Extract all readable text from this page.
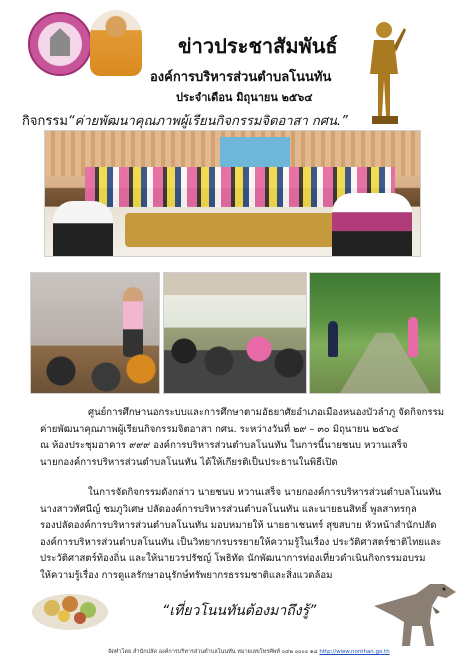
ข่าวประชาสัมพันธ์
องค์การบริหารส่วนตำบลโนนทัน
ประจำเดือน มิถุนายน ๒๕๖๔
กิจกรรม“ค่ายพัฒนาคุณภาพผู้เรียนกิจกรรมจิตอาสา กศน.”
ศูนย์การศึกษานอกระบบและการศึกษาตามอัธยาศัยอำเภอเมืองหนองบัวลำภู จัดกิจกรรม
ค่ายพัฒนาคุณภาพผู้เรียนกิจกรรมจิตอาสา กศน. ระหว่างวันที่ ๒๙ – ๓๐ มิถุนายน ๒๕๖๔
ณ ห้องประชุมอาคาร ๙๙๙ องค์การบริหารส่วนตำบลโนนทัน ในการนี้นายชนบ หวานเสร็จ
นายกองค์การบริหารส่วนตำบลโนนทัน ได้ให้เกียรติเป็นประธานในพิธีเปิด
ในการจัดกิจกรรมดังกล่าว นายชนบ หวานเสร็จ นายกองค์การบริหารส่วนตำบลโนนทัน
นางสาวทัศนีญ์ ชมภูวิเศษ ปลัดองค์การบริหารส่วนตำบลโนนทัน และนายธนสิทธิ์ พูลสาทรกุล
รองปลัดองค์การบริหารส่วนตำบลโนนทัน มอบหมายให้ นายธาเชนทร์ สุขสบาย หัวหน้าสำนักปลัด
องค์การบริหารส่วนตำบลโนนทัน เป็นวิทยากรบรรยายให้ความรู้ในเรื่อง ประวัติศาสตร์ชาติไทยและ
ประวัติศาสตร์ท้องถิ่น และให้นายวรปรัชญ์ โพธิทัด นักพัฒนาการท่องเที่ยวดำเนินกิจกรรมอบรม
ให้ความรู้เรื่อง การดูแลรักษาอนุรักษ์ทรัพยากรธรรมชาติและสิ่งแวดล้อม
“เที่ยวโนนทันต้องมาถึงรู้”
จัดทำโดย สำนักปลัด องค์การบริหารส่วนตำบลโนนทัน หมายเลขโทรศัพท์ ๐๔๒ ๐๐๐๐ ๑๘ http://www.nonthan.go.th
